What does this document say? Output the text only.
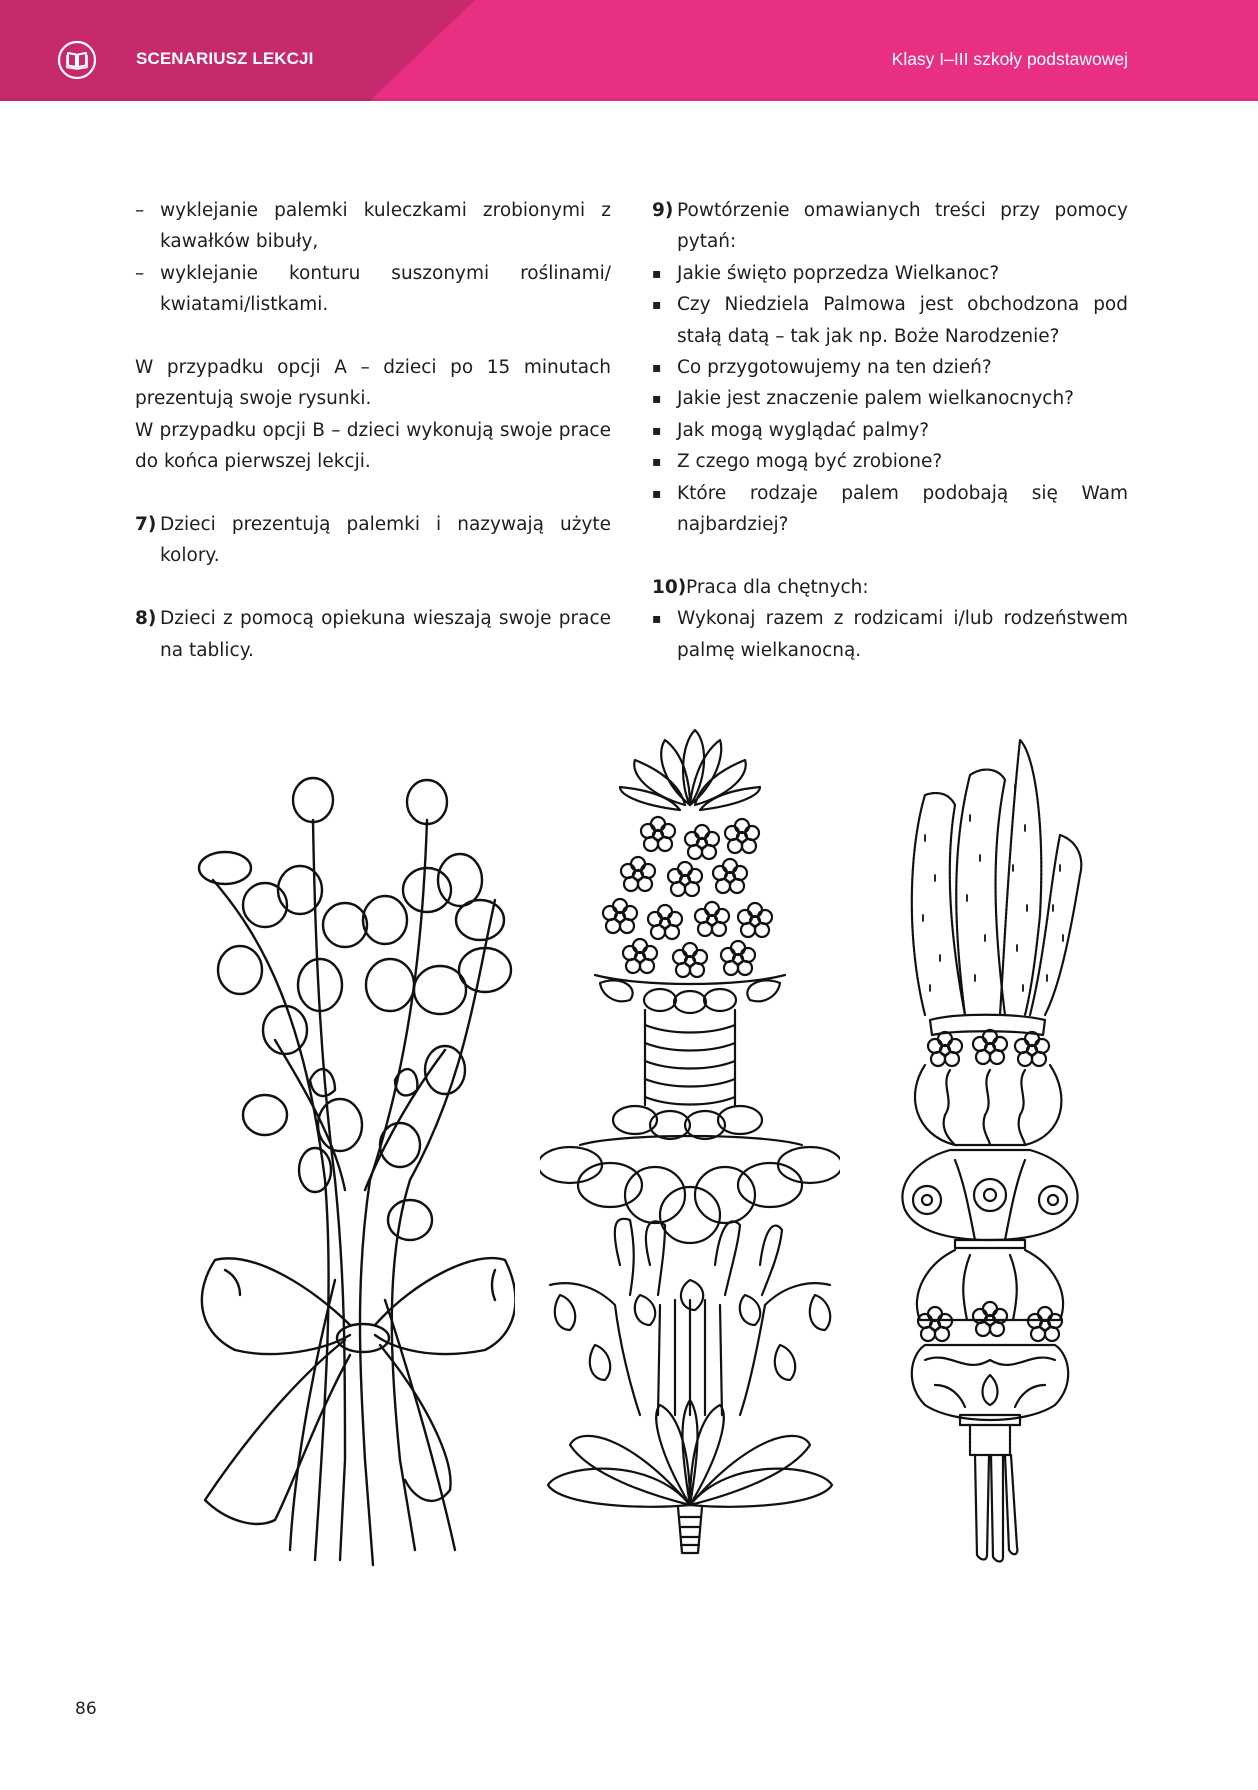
SCENARIUSZ LEKCJI	Klasy I–III szkoły podstawowej
– wyklejanie palemki kuleczkami zrobionymi z kawałków bibuły,
– wyklejanie konturu suszonymi roślinami/ kwiatami/listkami.
W przypadku opcji A – dzieci po 15 minutach prezentują swoje rysunki.
W przypadku opcji B – dzieci wykonują swoje prace do końca pierwszej lekcji.
7) Dzieci prezentują palemki i nazywają użyte kolory.
8) Dzieci z pomocą opiekuna wieszają swoje prace na tablicy.
9) Powtórzenie omawianych treści przy pomocy pytań:
▪ Jakie święto poprzedza Wielkanoc?
▪ Czy Niedziela Palmowa jest obchodzona pod stałą datą – tak jak np. Boże Narodzenie?
▪ Co przygotowujemy na ten dzień?
▪ Jakie jest znaczenie palem wielkanocnych?
▪ Jak mogą wyglądać palmy?
▪ Z czego mogą być zrobione?
▪ Które rodzaje palem podobają się Wam najbardziej?
10) Praca dla chętnych:
▪ Wykonaj razem z rodzicami i/lub rodzeństwem palmę wielkanocną.
86
